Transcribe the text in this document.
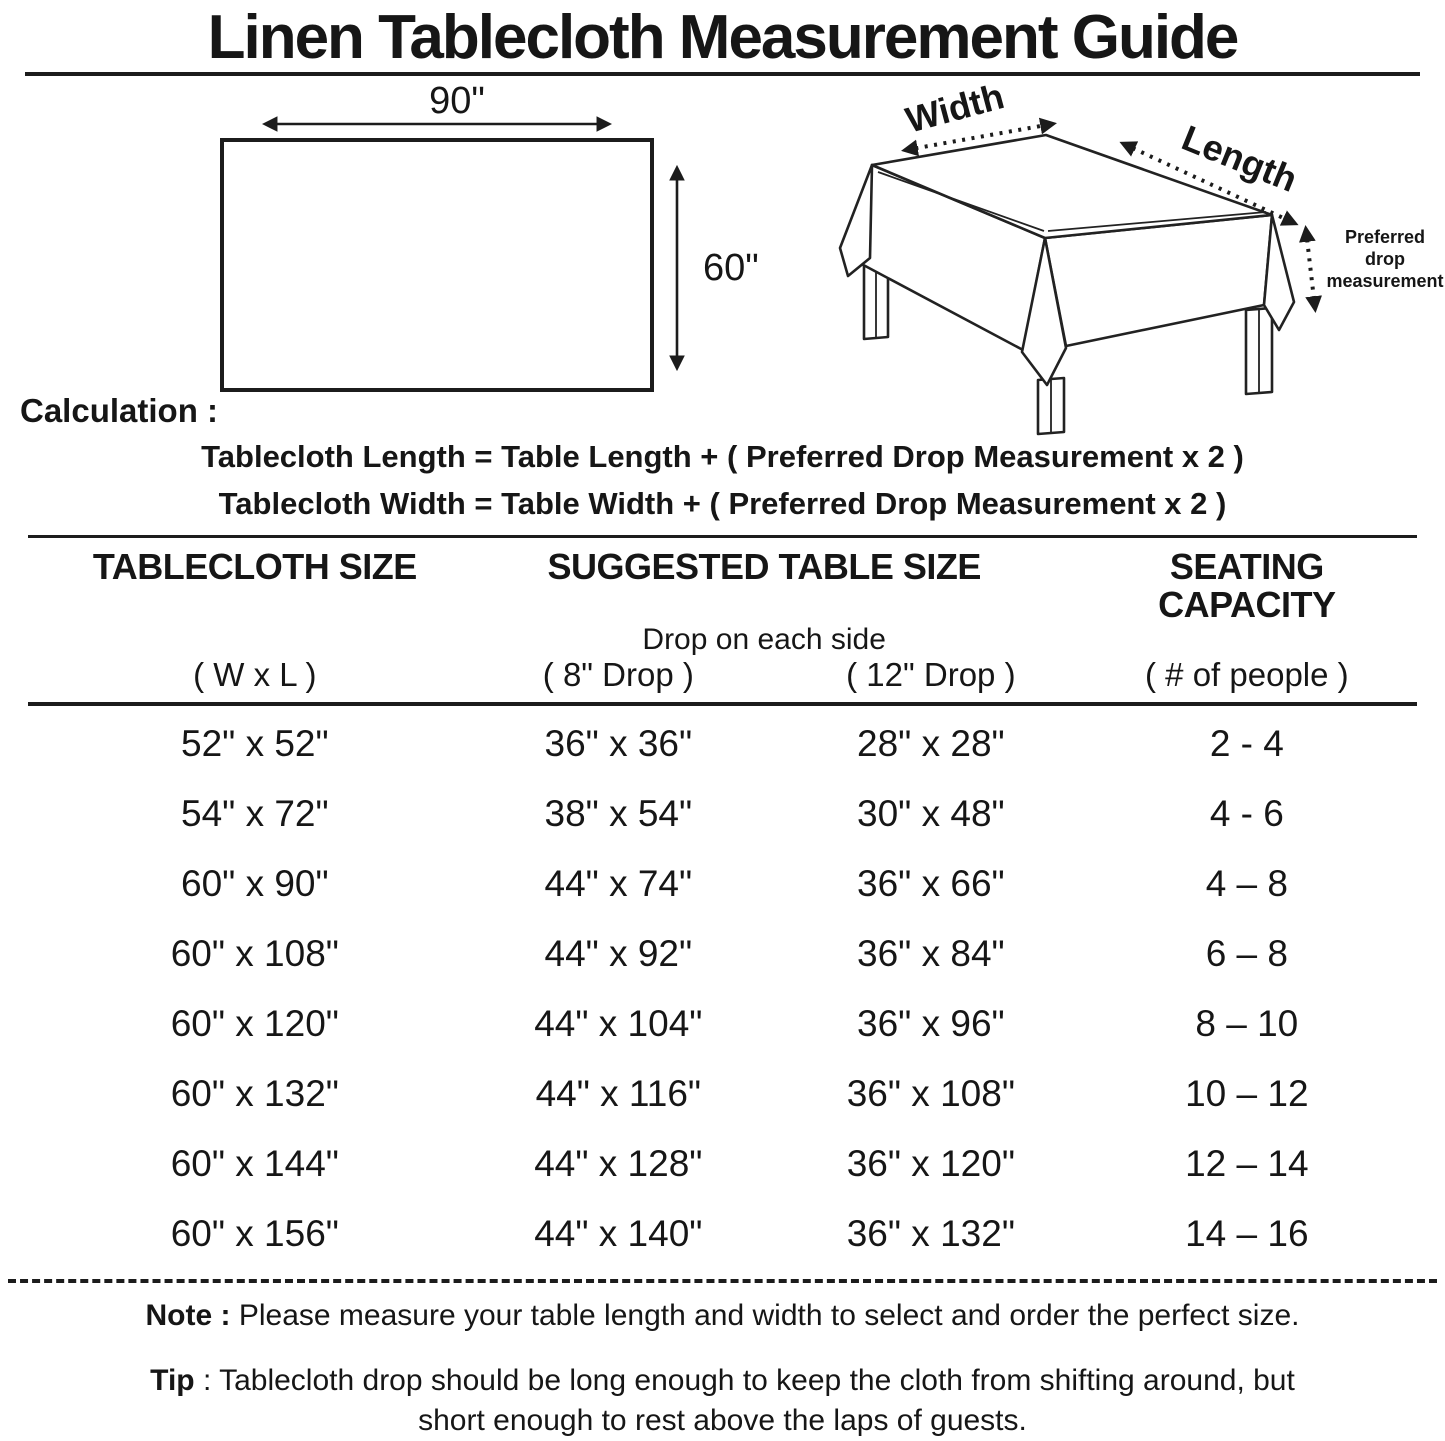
Linen Tablecloth Measurement Guide
90"
60"
Width
Length
Preferred
drop
measurement
Calculation :
Tablecloth Length = Table Length + ( Preferred Drop Measurement x 2 )
Tablecloth Width = Table Width + ( Preferred Drop Measurement x 2 )
TABLECLOTH SIZE	SUGGESTED TABLE SIZE	SEATING CAPACITY
Drop on each side
( W x L )	( 8" Drop )	( 12" Drop )	( # of people )
52" x 52"	36" x 36"	28" x 28"	2 - 4
54" x 72"	38" x 54"	30" x 48"	4 - 6
60" x 90"	44" x 74"	36" x 66"	4 – 8
60" x 108"	44" x 92"	36" x 84"	6 – 8
60" x 120"	44" x 104"	36" x 96"	8 – 10
60" x 132"	44" x 116"	36" x 108"	10 – 12
60" x 144"	44" x 128"	36" x 120"	12 – 14
60" x 156"	44" x 140"	36" x 132"	14 – 16
Note : Please measure your table length and width to select and order the perfect size.
Tip : Tablecloth drop should be long enough to keep the cloth from shifting around, but
short enough to rest above the laps of guests.
